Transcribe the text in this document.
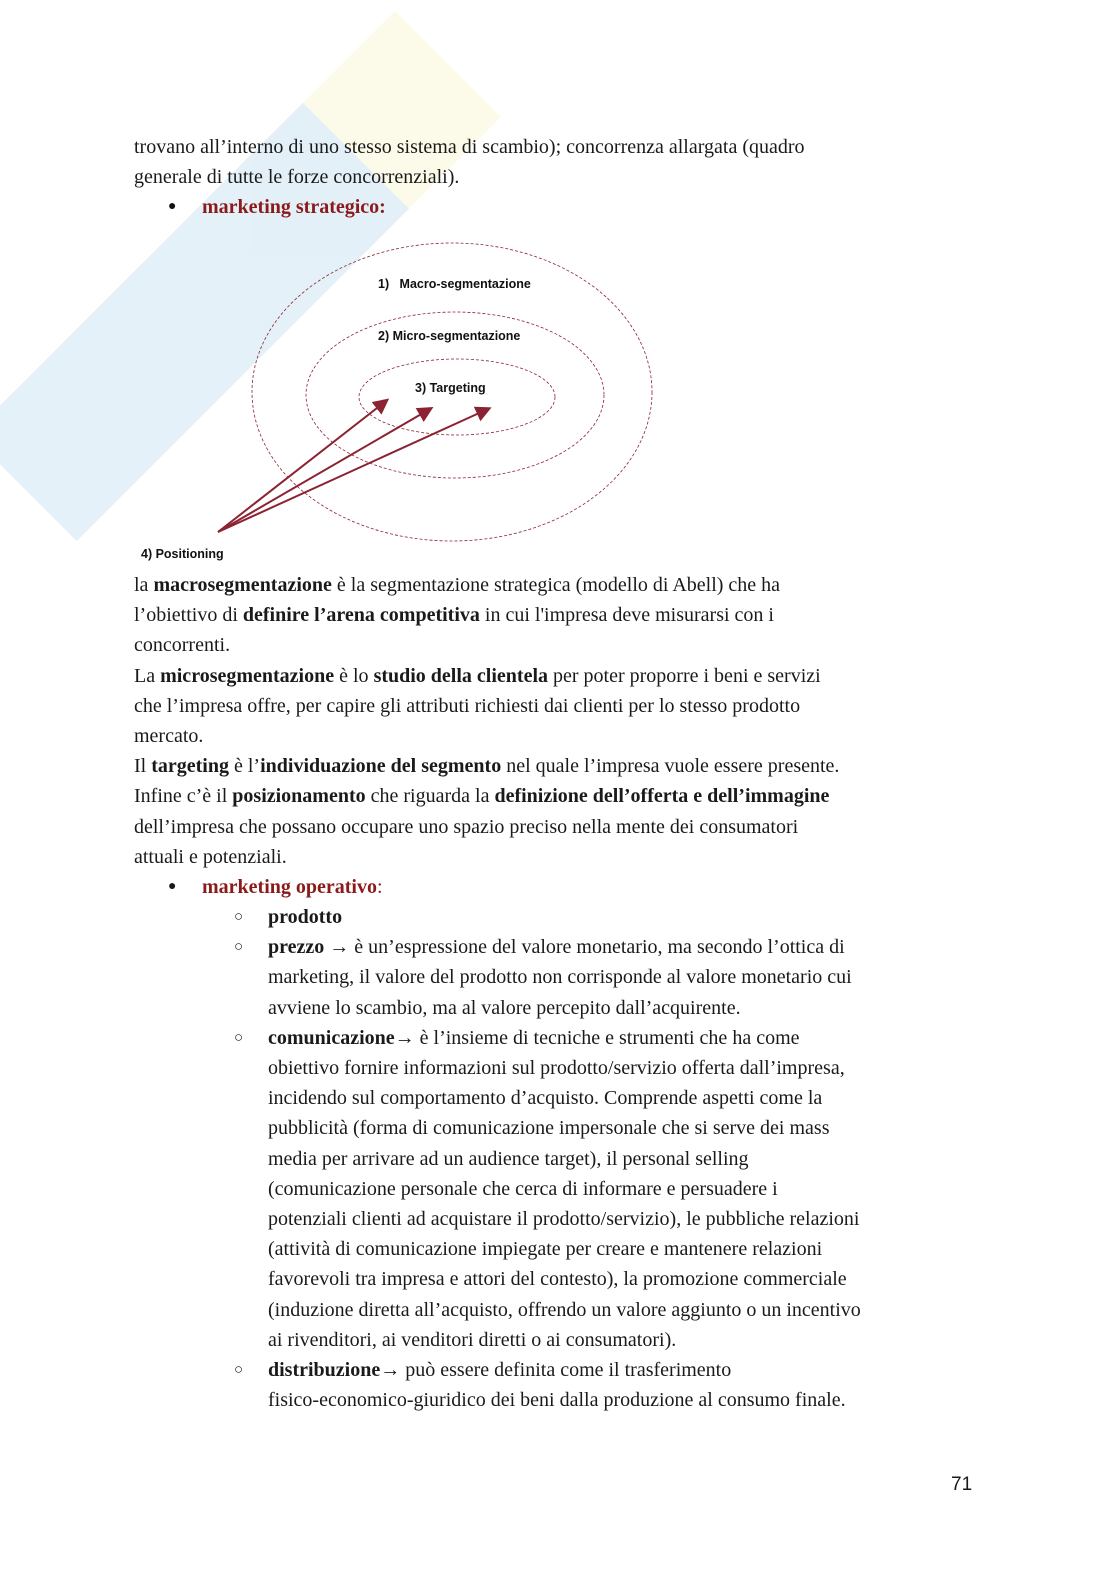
trovano all’interno di uno stesso sistema di scambio); concorrenza allargata (quadro
generale di tutte le forze concorrenziali).
● marketing strategico:
1)   Macro-segmentazione
2) Micro-segmentazione
3) Targeting
4) Positioning
la macrosegmentazione è la segmentazione strategica (modello di Abell) che ha
l’obiettivo di definire l’arena competitiva in cui l'impresa deve misurarsi con i
concorrenti.
La microsegmentazione è lo studio della clientela per poter proporre i beni e servizi
che l’impresa offre, per capire gli attributi richiesti dai clienti per lo stesso prodotto
mercato.
Il targeting è l’individuazione del segmento nel quale l’impresa vuole essere presente.
Infine c’è il posizionamento che riguarda la definizione dell’offerta e dell’immagine
dell’impresa che possano occupare uno spazio preciso nella mente dei consumatori
attuali e potenziali.
● marketing operativo:
○ prodotto
○ prezzo → è un’espressione del valore monetario, ma secondo l’ottica di
marketing, il valore del prodotto non corrisponde al valore monetario cui
avviene lo scambio, ma al valore percepito dall’acquirente.
○ comunicazione→ è l’insieme di tecniche e strumenti che ha come
obiettivo fornire informazioni sul prodotto/servizio offerta dall’impresa,
incidendo sul comportamento d’acquisto. Comprende aspetti come la
pubblicità (forma di comunicazione impersonale che si serve dei mass
media per arrivare ad un audience target), il personal selling
(comunicazione personale che cerca di informare e persuadere i
potenziali clienti ad acquistare il prodotto/servizio), le pubbliche relazioni
(attività di comunicazione impiegate per creare e mantenere relazioni
favorevoli tra impresa e attori del contesto), la promozione commerciale
(induzione diretta all’acquisto, offrendo un valore aggiunto o un incentivo
ai rivenditori, ai venditori diretti o ai consumatori).
○ distribuzione→ può essere definita come il trasferimento
fisico-economico-giuridico dei beni dalla produzione al consumo finale.
71
